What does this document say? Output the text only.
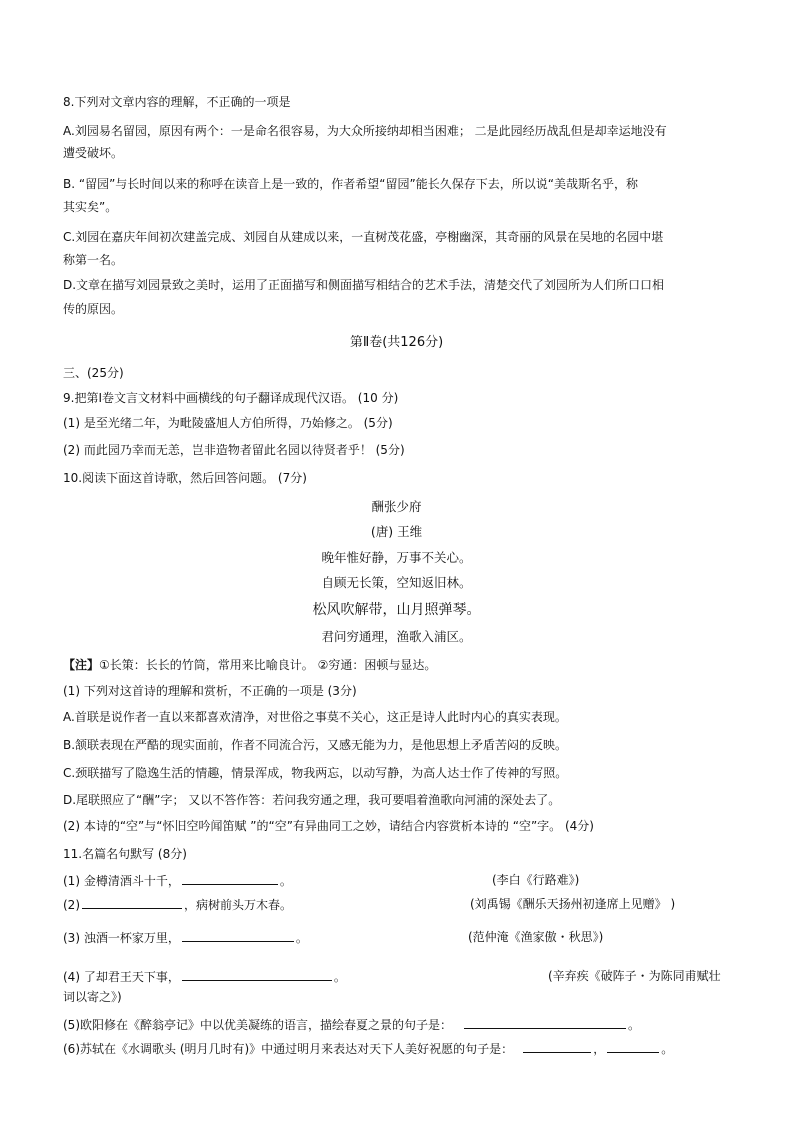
8.下列对文章内容的理解，不正确的一项是
A.刘园易名留园，原因有两个：一是命名很容易，为大众所接纳却相当困难； 二是此园经历战乱但是却幸运地没有
遭受破坏。
B. “留园”与长时间以来的称呼在读音上是一致的，作者希望“留园”能长久保存下去，所以说“美哉斯名乎，称
其实矣”。
C.刘园在嘉庆年间初次建盖完成、刘园自从建成以来，一直树茂花盛，亭榭幽深，其奇丽的风景在吴地的名园中堪
称第一名。
D.文章在描写刘园景致之美时，运用了正面描写和侧面描写相结合的艺术手法，清楚交代了刘园所为人们所口口相
传的原因。
第Ⅱ卷(共126分)
三、(25分)
9.把第Ⅰ卷文言文材料中画横线的句子翻译成现代汉语。 (10 分)
(1) 是至光绪二年，为毗陵盛旭人方伯所得，乃始修之。 (5分)
(2) 而此园乃幸而无恙，岂非造物者留此名园以待贤者乎！ (5分)
10.阅读下面这首诗歌，然后回答问题。 (7分)
酬张少府
(唐) 王维
晚年惟好静，万事不关心。
自顾无长策，空知返旧林。
松风吹解带，山月照弹琴。
君问穷通理，渔歌入浦区。
【注】①长策：长长的竹筒，常用来比喻良计。 ②穷通：困顿与显达。
(1) 下列对这首诗的理解和赏析，不正确的一项是 (3分)
A.首联是说作者一直以来都喜欢清净，对世俗之事莫不关心，这正是诗人此时内心的真实表现。
B.颔联表现在严酷的现实面前，作者不同流合污，又感无能为力，是他思想上矛盾苦闷的反映。
C.颈联描写了隐逸生活的情趣，情景浑成，物我两忘，以动写静，为高人达士作了传神的写照。
D.尾联照应了“酬”字； 又以不答作答：若问我穷通之理，我可要唱着渔歌向河浦的深处去了。
(2) 本诗的“空”与“怀旧空吟闻笛赋 ”的“空”有异曲同工之妙，请结合内容赏析本诗的 “空”字。 (4分)
11.名篇名句默写 (8分)
(1) 金樽清酒斗十千，	。	(李白《行路难》)
(2)	，病树前头万木春。	(刘禹锡《酬乐天扬州初逢席上见赠》 )
(3) 浊酒一杯家万里，	。	(范仲淹《渔家傲・秋思》)
(4) 了却君王天下事，	。	(辛弃疾《破阵子・为陈同甫赋壮
词以寄之》)
(5)欧阳修在《醉翁亭记》中以优美凝练的语言，描绘春夏之景的句子是：	。
(6)苏轼在《水调歌头 (明月几时有)》中通过明月来表达对天下人美好祝愿的句子是：	，	。
